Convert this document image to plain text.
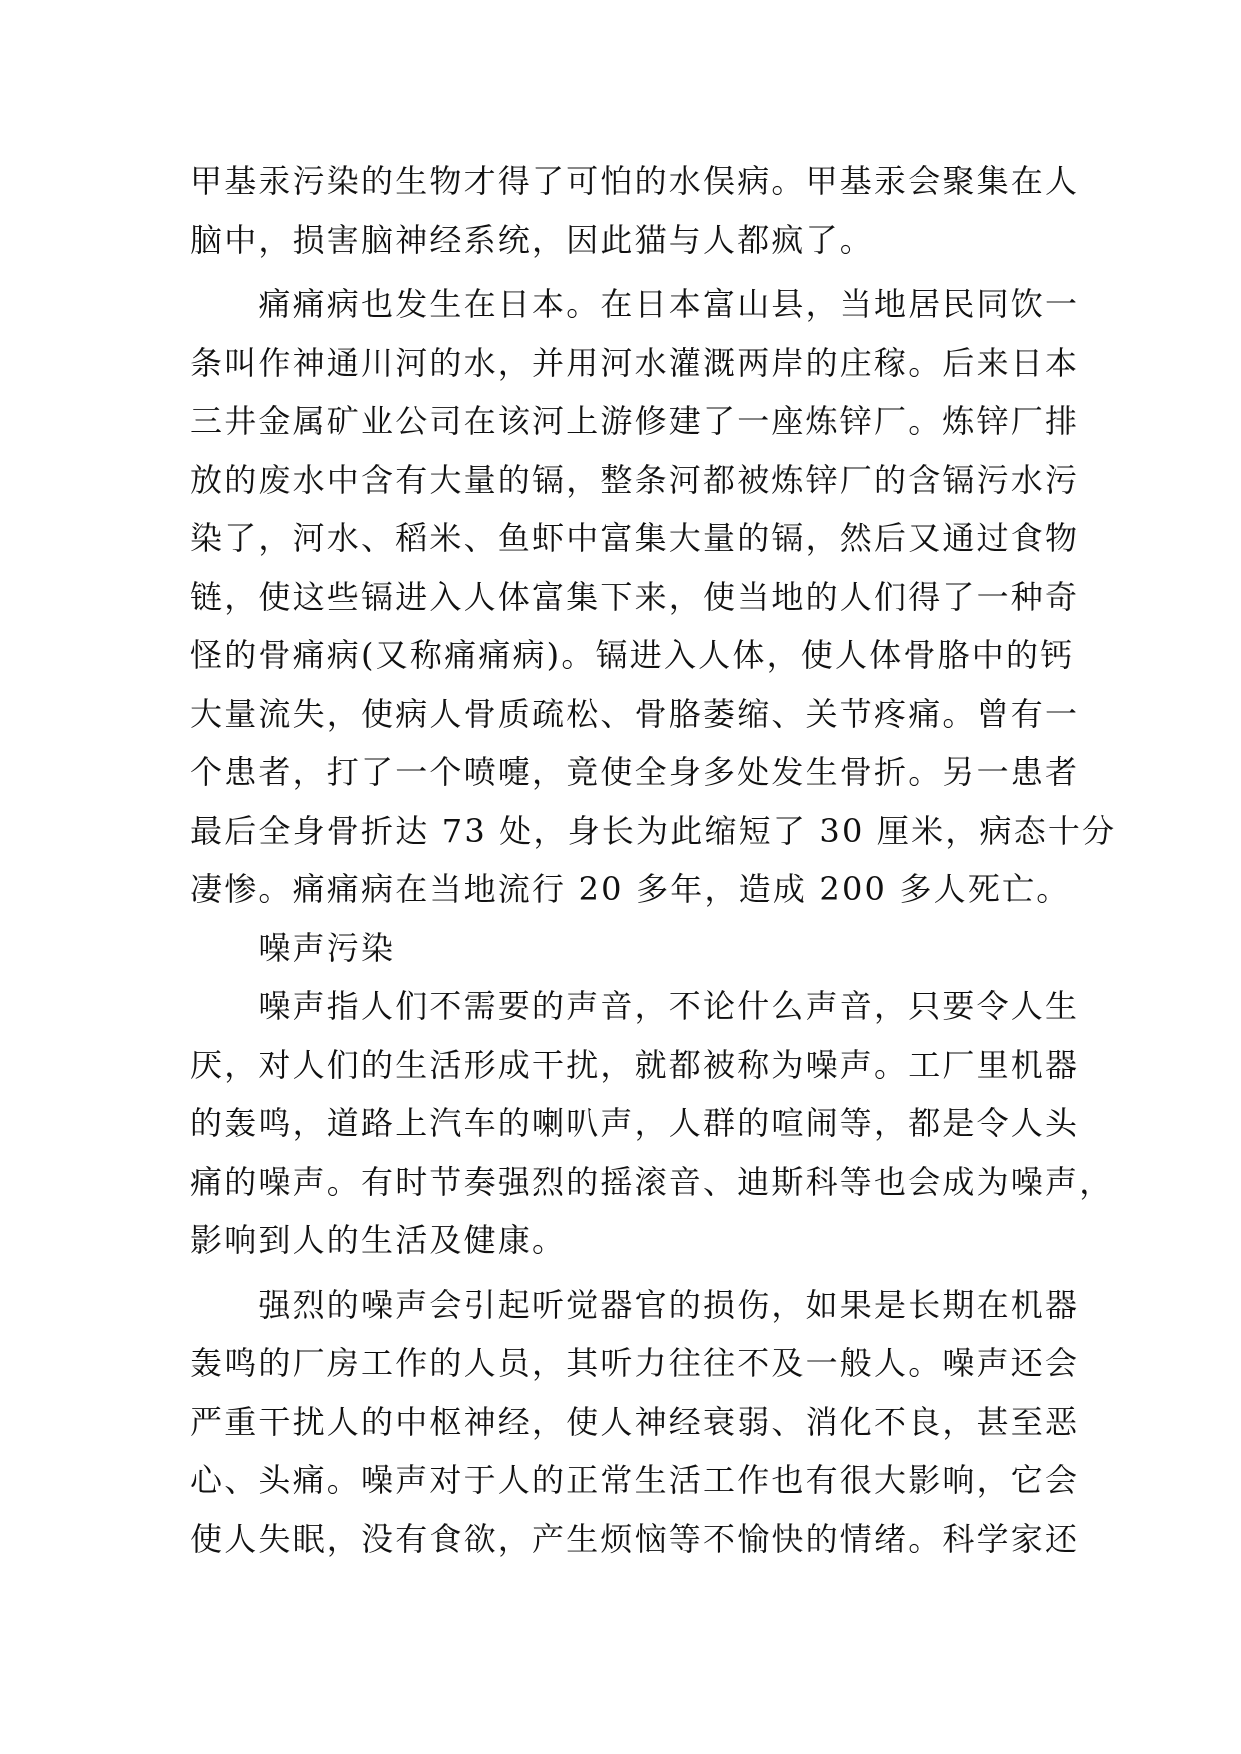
甲基汞污染的生物才得了可怕的水俣病。甲基汞会聚集在人
脑中，损害脑神经系统，因此猫与人都疯了。
　　痛痛病也发生在日本。在日本富山县，当地居民同饮一
条叫作神通川河的水，并用河水灌溉两岸的庄稼。后来日本
三井金属矿业公司在该河上游修建了一座炼锌厂。炼锌厂排
放的废水中含有大量的镉，整条河都被炼锌厂的含镉污水污
染了，河水、稻米、鱼虾中富集大量的镉，然后又通过食物
链，使这些镉进入人体富集下来，使当地的人们得了一种奇
怪的骨痛病(又称痛痛病)。镉进入人体，使人体骨胳中的钙
大量流失，使病人骨质疏松、骨胳萎缩、关节疼痛。曾有一
个患者，打了一个喷嚏，竟使全身多处发生骨折。另一患者
最后全身骨折达 73 处，身长为此缩短了 30 厘米，病态十分
凄惨。痛痛病在当地流行 20 多年，造成 200 多人死亡。
　　噪声污染
　　噪声指人们不需要的声音，不论什么声音，只要令人生
厌，对人们的生活形成干扰，就都被称为噪声。工厂里机器
的轰鸣，道路上汽车的喇叭声，人群的喧闹等，都是令人头
痛的噪声。有时节奏强烈的摇滚音、迪斯科等也会成为噪声，
影响到人的生活及健康。
　　强烈的噪声会引起听觉器官的损伤，如果是长期在机器
轰鸣的厂房工作的人员，其听力往往不及一般人。噪声还会
严重干扰人的中枢神经，使人神经衰弱、消化不良，甚至恶
心、头痛。噪声对于人的正常生活工作也有很大影响，它会
使人失眠，没有食欲，产生烦恼等不愉快的情绪。科学家还
